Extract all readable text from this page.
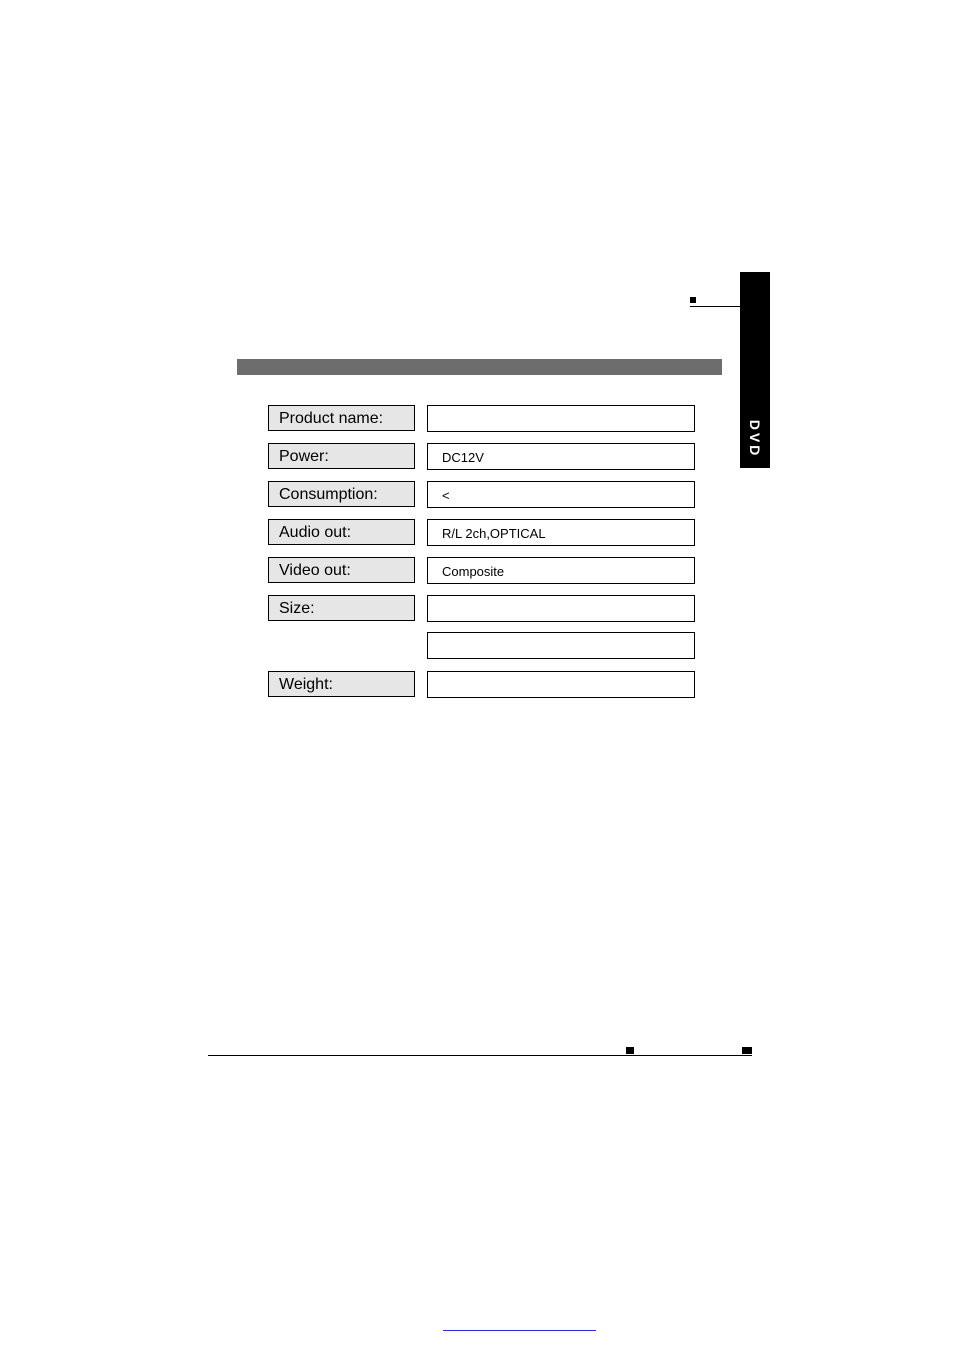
DVD
Product name:
Power:	DC12V
Consumption:	<
Audio out:	R/L 2ch,OPTICAL
Video out:	Composite
Size:
Weight:
